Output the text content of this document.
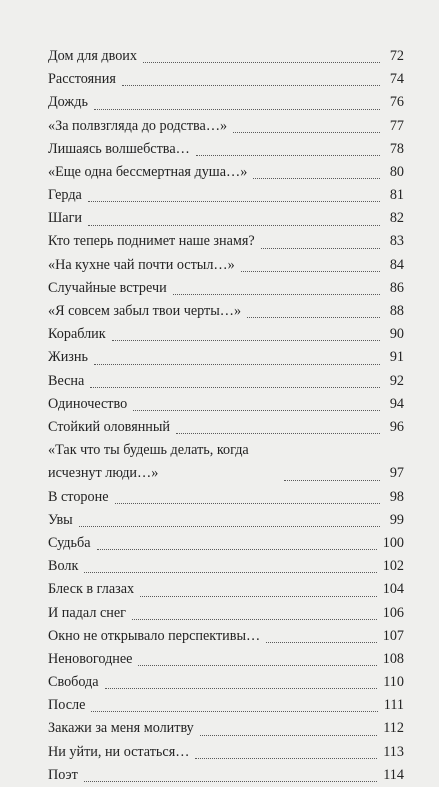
Дом для двоих	72
Расстояния	74
Дождь	76
«За полвзгляда до родства…»	77
Лишаясь волшебства…	78
«Еще одна бессмертная душа…»	80
Герда	81
Шаги	82
Кто теперь поднимет наше знамя?	83
«На кухне чай почти остыл…»	84
Случайные встречи	86
«Я совсем забыл твои черты…»	88
Кораблик	90
Жизнь	91
Весна	92
Одиночество	94
Стойкий оловянный	96
«Так что ты будешь делать, когда исчезнут люди…»	97
В стороне	98
Увы	99
Судьба	100
Волк	102
Блеск в глазах	104
И падал снег	106
Окно не открывало перспективы…	107
Неновогоднее	108
Свобода	110
После	111
Закажи за меня молитву	112
Ни уйти, ни остаться…	113
Поэт	114
